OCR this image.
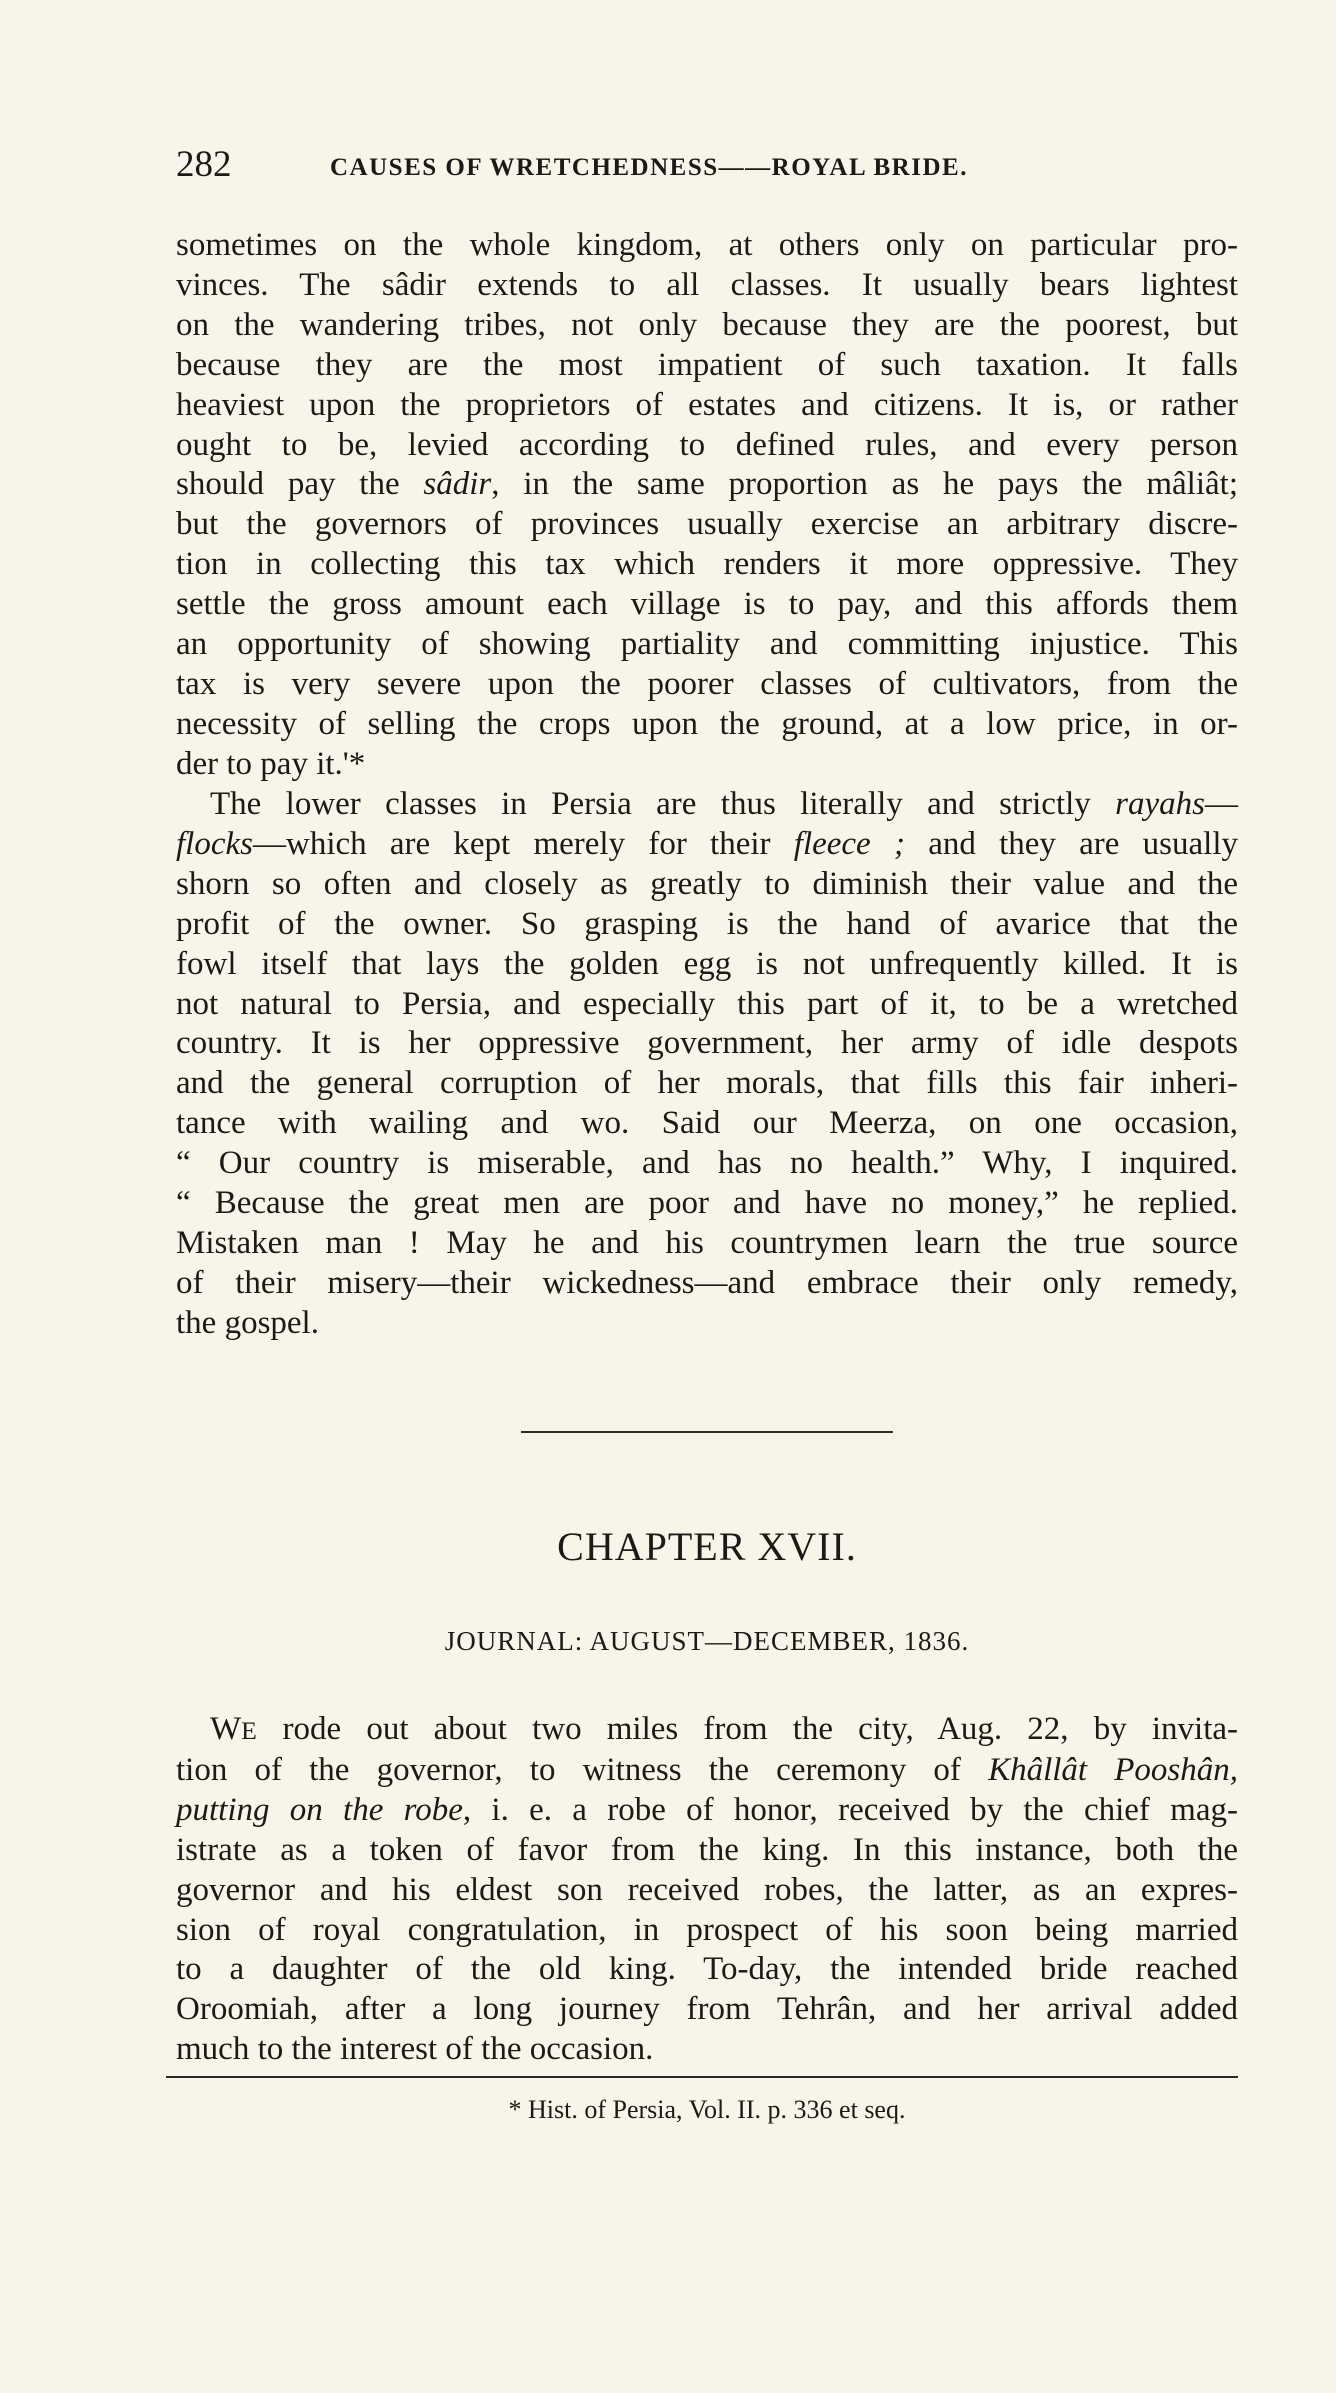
282	CAUSES OF WRETCHEDNESS——ROYAL BRIDE.
sometimes on the whole kingdom, at others only on particular pro-
vinces. The sâdir extends to all classes. It usually bears lightest
on the wandering tribes, not only because they are the poorest, but
because they are the most impatient of such taxation. It falls
heaviest upon the proprietors of estates and citizens. It is, or rather
ought to be, levied according to defined rules, and every person
should pay the sâdir, in the same proportion as he pays the mâliât;
but the governors of provinces usually exercise an arbitrary discre-
tion in collecting this tax which renders it more oppressive. They
settle the gross amount each village is to pay, and this affords them
an opportunity of showing partiality and committing injustice. This
tax is very severe upon the poorer classes of cultivators, from the
necessity of selling the crops upon the ground, at a low price, in or-
der to pay it.'*
The lower classes in Persia are thus literally and strictly rayahs—
flocks—which are kept merely for their fleece ; and they are usually
shorn so often and closely as greatly to diminish their value and the
profit of the owner. So grasping is the hand of avarice that the
fowl itself that lays the golden egg is not unfrequently killed. It is
not natural to Persia, and especially this part of it, to be a wretched
country. It is her oppressive government, her army of idle despots
and the general corruption of her morals, that fills this fair inheri-
tance with wailing and wo. Said our Meerza, on one occasion,
“ Our country is miserable, and has no health.” Why, I inquired.
“ Because the great men are poor and have no money,” he replied.
Mistaken man ! May he and his countrymen learn the true source
of their misery—their wickedness—and embrace their only remedy,
the gospel.
CHAPTER XVII.
JOURNAL: AUGUST—DECEMBER, 1836.
WE rode out about two miles from the city, Aug. 22, by invita-
tion of the governor, to witness the ceremony of Khâllât Pooshân,
putting on the robe, i. e. a robe of honor, received by the chief mag-
istrate as a token of favor from the king. In this instance, both the
governor and his eldest son received robes, the latter, as an expres-
sion of royal congratulation, in prospect of his soon being married
to a daughter of the old king. To-day, the intended bride reached
Oroomiah, after a long journey from Tehrân, and her arrival added
much to the interest of the occasion.
* Hist. of Persia, Vol. II. p. 336 et seq.
